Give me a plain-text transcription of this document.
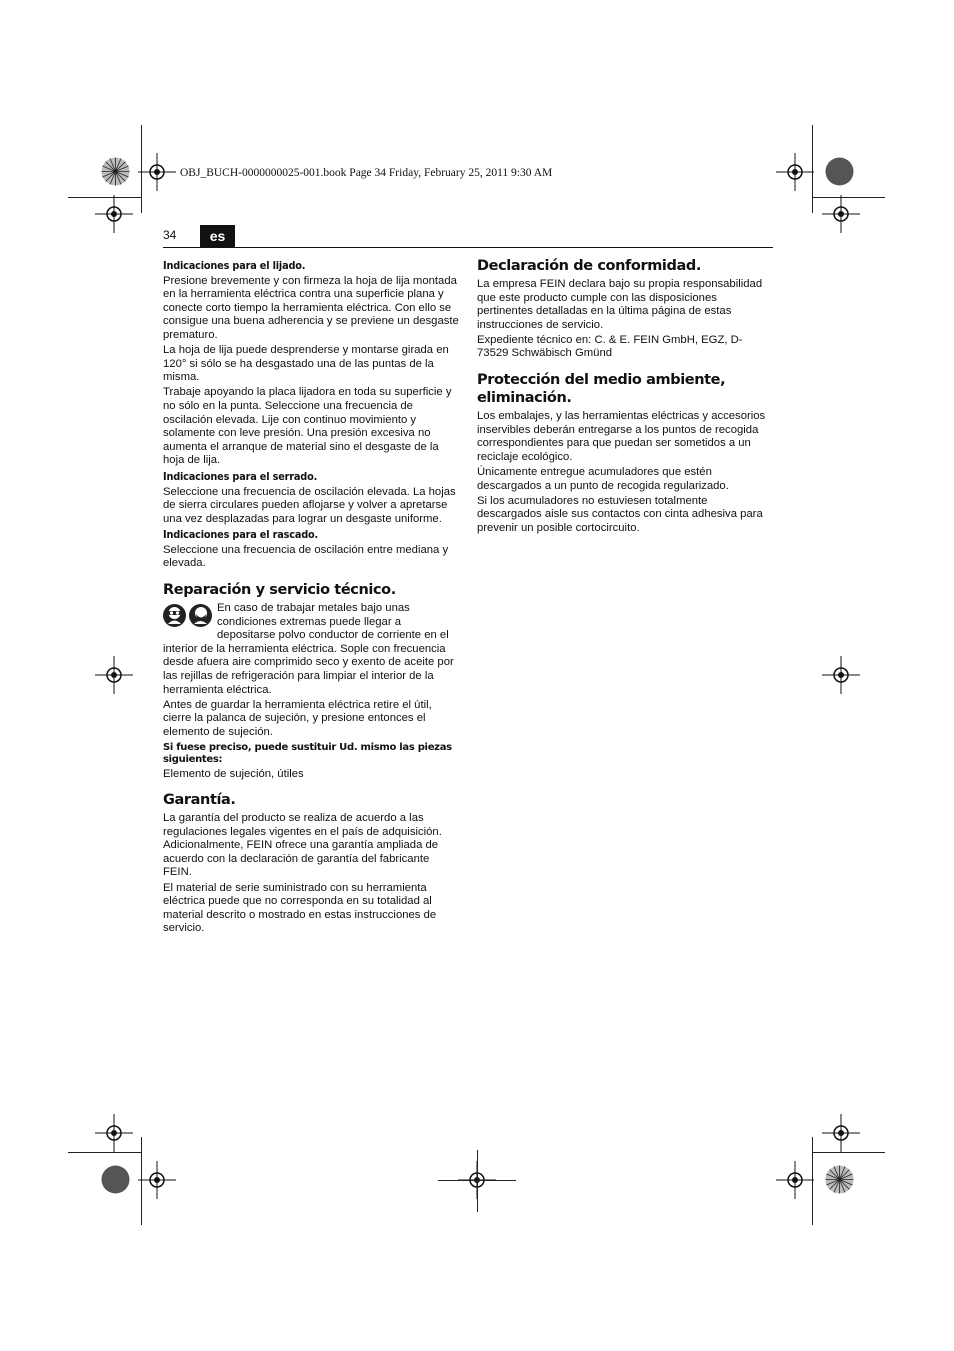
OBJ_BUCH-0000000025-001.book Page 34 Friday, February 25, 2011 9:30 AM
34	es
Indicaciones para el lijado.

Presione brevemente y con firmeza la hoja de lija montada en la herramienta eléctrica contra una superficie plana y conecte corto tiempo la herramienta eléctrica. Con ello se consigue una buena adherencia y se previene un desgaste prematuro.

La hoja de lija puede desprenderse y montarse girada en 120° si sólo se ha desgastado una de las puntas de la misma.

Trabaje apoyando la placa lijadora en toda su superficie y no sólo en la punta. Seleccione una frecuencia de oscilación elevada. Lije con continuo movimiento y solamente con leve presión. Una presión excesiva no aumenta el arranque de material sino el desgaste de la hoja de lija.

Indicaciones para el serrado.

Seleccione una frecuencia de oscilación elevada. La hojas de sierra circulares pueden aflojarse y volver a apretarse una vez desplazadas para lograr un desgaste uniforme.

Indicaciones para el rascado.

Seleccione una frecuencia de oscilación entre mediana y elevada.

Reparación y servicio técnico.

En caso de trabajar metales bajo unas condiciones extremas puede llegar a depositarse polvo conductor de corriente en el interior de la herramienta eléctrica. Sople con frecuencia desde afuera aire comprimido seco y exento de aceite por las rejillas de refrigeración para limpiar el interior de la herramienta eléctrica.

Antes de guardar la herramienta eléctrica retire el útil, cierre la palanca de sujeción, y presione entonces el elemento de sujeción.

Si fuese preciso, puede sustituir Ud. mismo las piezas siguientes:

Elemento de sujeción, útiles

Garantía.

La garantía del producto se realiza de acuerdo a las regulaciones legales vigentes en el país de adquisición. Adicionalmente, FEIN ofrece una garantía ampliada de acuerdo con la declaración de garantía del fabricante FEIN.

El material de serie suministrado con su herramienta eléctrica puede que no corresponda en su totalidad al material descrito o mostrado en estas instrucciones de servicio.

Declaración de conformidad.

La empresa FEIN declara bajo su propia responsabilidad que este producto cumple con las disposiciones pertinentes detalladas en la última página de estas instrucciones de servicio.

Expediente técnico en: C. & E. FEIN GmbH, EGZ, D-73529 Schwäbisch Gmünd

Protección del medio ambiente, eliminación.

Los embalajes, y las herramientas eléctricas y accesorios inservibles deberán entregarse a los puntos de recogida correspondientes para que puedan ser sometidos a un reciclaje ecológico.

Únicamente entregue acumuladores que estén descargados a un punto de recogida regularizado.

Si los acumuladores no estuviesen totalmente descargados aisle sus contactos con cinta adhesiva para prevenir un posible cortocircuito.
